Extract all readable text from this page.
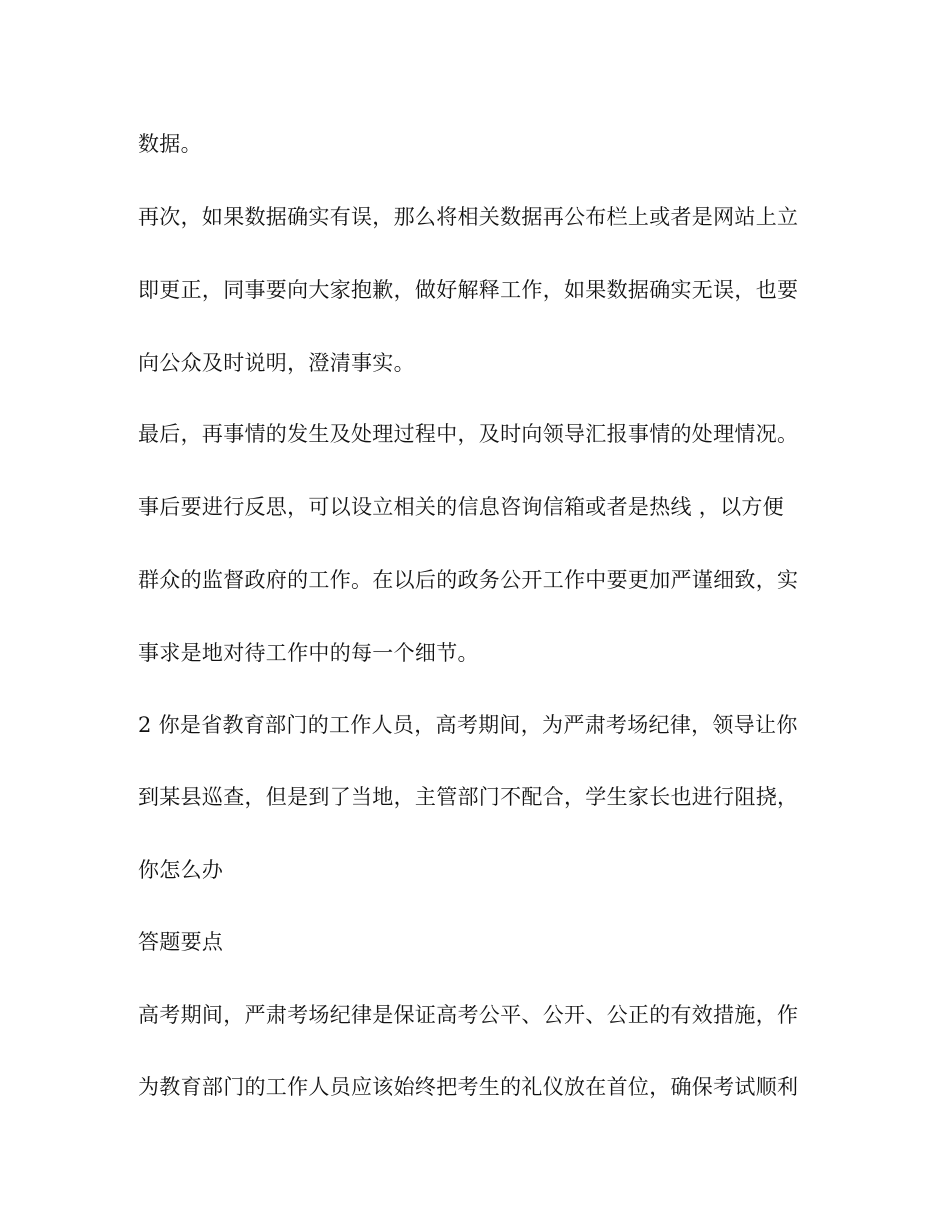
数据。
再次，如果数据确实有误，那么将相关数据再公布栏上或者是网站上立
即更正，同事要向大家抱歉，做好解释工作，如果数据确实无误，也要
向公众及时说明，澄清事实。
最后，再事情的发生及处理过程中，及时向领导汇报事情的处理情况。
事后要进行反思，可以设立相关的信息咨询信箱或者是热线 ，以方便
群众的监督政府的工作。在以后的政务公开工作中要更加严谨细致，实
事求是地对待工作中的每一个细节。
2 你是省教育部门的工作人员，高考期间，为严肃考场纪律，领导让你
到某县巡查，但是到了当地，主管部门不配合，学生家长也进行阻挠，
你怎么办
答题要点
高考期间，严肃考场纪律是保证高考公平、公开、公正的有效措施，作
为教育部门的工作人员应该始终把考生的礼仪放在首位，确保考试顺利
